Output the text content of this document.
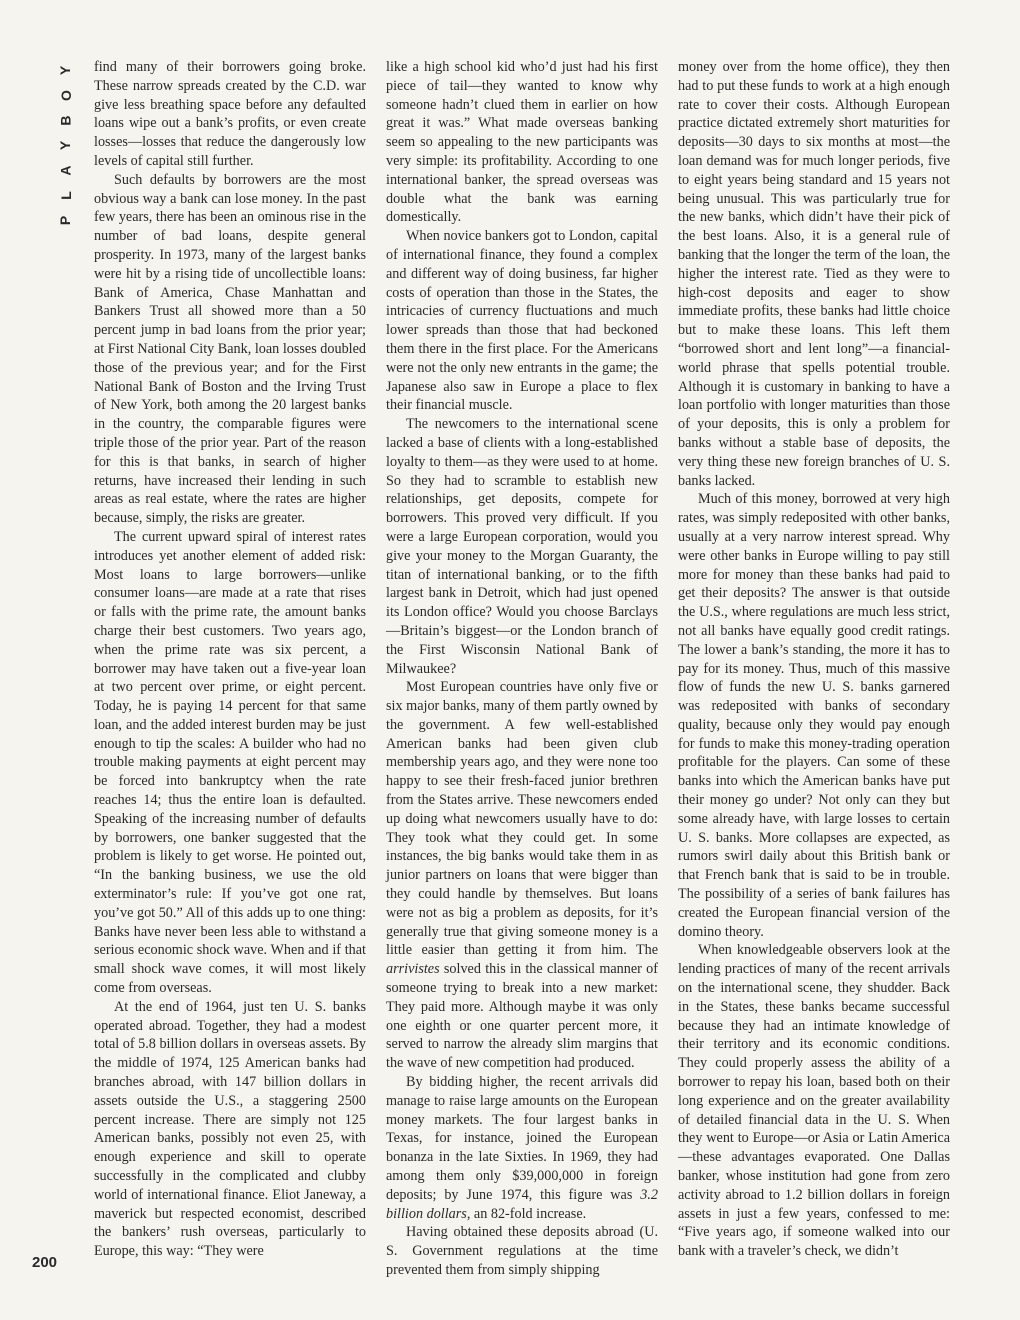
Y
O
B
Y
A
L
P

find many of their borrowers going broke. These narrow spreads created by the C.D. war give less breathing space before any defaulted loans wipe out a bank’s profits, or even create losses—losses that reduce the dangerously low levels of capital still further.

Such defaults by borrowers are the most obvious way a bank can lose money. In the past few years, there has been an ominous rise in the number of bad loans, despite general prosperity. In 1973, many of the largest banks were hit by a rising tide of uncollectible loans: Bank of America, Chase Manhattan and Bankers Trust all showed more than a 50 percent jump in bad loans from the prior year; at First National City Bank, loan losses doubled those of the previous year; and for the First National Bank of Boston and the Irving Trust of New York, both among the 20 largest banks in the country, the comparable figures were triple those of the prior year. Part of the reason for this is that banks, in search of higher returns, have increased their lending in such areas as real estate, where the rates are higher because, simply, the risks are greater.

The current upward spiral of interest rates introduces yet another element of added risk: Most loans to large borrowers—unlike consumer loans—are made at a rate that rises or falls with the prime rate, the amount banks charge their best customers. Two years ago, when the prime rate was six percent, a borrower may have taken out a five-year loan at two percent over prime, or eight percent. Today, he is paying 14 percent for that same loan, and the added interest burden may be just enough to tip the scales: A builder who had no trouble making payments at eight percent may be forced into bankruptcy when the rate reaches 14; thus the entire loan is defaulted. Speaking of the increasing number of defaults by borrowers, one banker suggested that the problem is likely to get worse. He pointed out, “In the banking business, we use the old exterminator’s rule: If you’ve got one rat, you’ve got 50.” All of this adds up to one thing: Banks have never been less able to withstand a serious economic shock wave. When and if that small shock wave comes, it will most likely come from overseas.

At the end of 1964, just ten U. S. banks operated abroad. Together, they had a modest total of 5.8 billion dollars in overseas assets. By the middle of 1974, 125 American banks had branches abroad, with 147 billion dollars in assets outside the U.S., a staggering 2500 percent increase. There are simply not 125 American banks, possibly not even 25, with enough experience and skill to operate successfully in the complicated and clubby world of international finance. Eliot Janeway, a maverick but respected economist, described the bankers’ rush overseas, particularly to Europe, this way: “They were

like a high school kid who’d just had his first piece of tail—they wanted to know why someone hadn’t clued them in earlier on how great it was.” What made overseas banking seem so appealing to the new participants was very simple: its profitability. According to one international banker, the spread overseas was double what the bank was earning domestically.

When novice bankers got to London, capital of international finance, they found a complex and different way of doing business, far higher costs of operation than those in the States, the intricacies of currency fluctuations and much lower spreads than those that had beckoned them there in the first place. For the Americans were not the only new entrants in the game; the Japanese also saw in Europe a place to flex their financial muscle.

The newcomers to the international scene lacked a base of clients with a long-established loyalty to them—as they were used to at home. So they had to scramble to establish new relationships, get deposits, compete for borrowers. This proved very difficult. If you were a large European corporation, would you give your money to the Morgan Guaranty, the titan of international banking, or to the fifth largest bank in Detroit, which had just opened its London office? Would you choose Barclays—Britain’s biggest—or the London branch of the First Wisconsin National Bank of Milwaukee?

Most European countries have only five or six major banks, many of them partly owned by the government. A few well-established American banks had been given club membership years ago, and they were none too happy to see their fresh-faced junior brethren from the States arrive. These newcomers ended up doing what newcomers usually have to do: They took what they could get. In some instances, the big banks would take them in as junior partners on loans that were bigger than they could handle by themselves. But loans were not as big a problem as deposits, for it’s generally true that giving someone money is a little easier than getting it from him. The arrivistes solved this in the classical manner of someone trying to break into a new market: They paid more. Although maybe it was only one eighth or one quarter percent more, it served to narrow the already slim margins that the wave of new competition had produced.

By bidding higher, the recent arrivals did manage to raise large amounts on the European money markets. The four largest banks in Texas, for instance, joined the European bonanza in the late Sixties. In 1969, they had among them only $39,000,000 in foreign deposits; by June 1974, this figure was 3.2 billion dollars, an 82-fold increase.

Having obtained these deposits abroad (U. S. Government regulations at the time prevented them from simply shipping

money over from the home office), they then had to put these funds to work at a high enough rate to cover their costs. Although European practice dictated extremely short maturities for deposits—30 days to six months at most—the loan demand was for much longer periods, five to eight years being standard and 15 years not being unusual. This was particularly true for the new banks, which didn’t have their pick of the best loans. Also, it is a general rule of banking that the longer the term of the loan, the higher the interest rate. Tied as they were to high-cost deposits and eager to show immediate profits, these banks had little choice but to make these loans. This left them “borrowed short and lent long”—a financial-world phrase that spells potential trouble. Although it is customary in banking to have a loan portfolio with longer maturities than those of your deposits, this is only a problem for banks without a stable base of deposits, the very thing these new foreign branches of U. S. banks lacked.

Much of this money, borrowed at very high rates, was simply redeposited with other banks, usually at a very narrow interest spread. Why were other banks in Europe willing to pay still more for money than these banks had paid to get their deposits? The answer is that outside the U.S., where regulations are much less strict, not all banks have equally good credit ratings. The lower a bank’s standing, the more it has to pay for its money. Thus, much of this massive flow of funds the new U. S. banks garnered was redeposited with banks of secondary quality, because only they would pay enough for funds to make this money-trading operation profitable for the players. Can some of these banks into which the American banks have put their money go under? Not only can they but some already have, with large losses to certain U. S. banks. More collapses are expected, as rumors swirl daily about this British bank or that French bank that is said to be in trouble. The possibility of a series of bank failures has created the European financial version of the domino theory.

When knowledgeable observers look at the lending practices of many of the recent arrivals on the international scene, they shudder. Back in the States, these banks became successful because they had an intimate knowledge of their territory and its economic conditions. They could properly assess the ability of a borrower to repay his loan, based both on their long experience and on the greater availability of detailed financial data in the U. S. When they went to Europe—or Asia or Latin America—these advantages evaporated. One Dallas banker, whose institution had gone from zero activity abroad to 1.2 billion dollars in foreign assets in just a few years, confessed to me: “Five years ago, if someone walked into our bank with a traveler’s check, we didn’t

200
